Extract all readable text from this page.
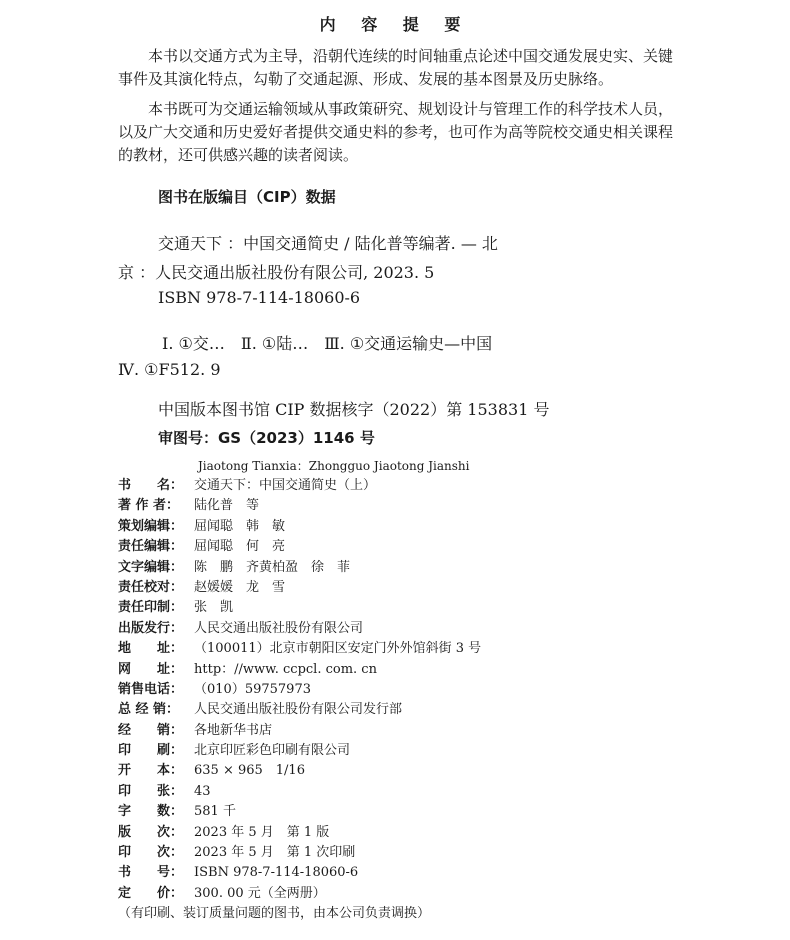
内 容 提 要
本书以交通方式为主导，沿朝代连续的时间轴重点论述中国交通发展史实、关键事件及其演化特点，勾勒了交通起源、形成、发展的基本图景及历史脉络。
本书既可为交通运输领域从事政策研究、规划设计与管理工作的科学技术人员，以及广大交通和历史爱好者提供交通史料的参考，也可作为高等院校交通史相关课程的教材，还可供感兴趣的读者阅读。
图书在版编目（CIP）数据
交通天下 ：中国交通简史 / 陆化普等编著. — 北
京 ：人民交通出版社股份有限公司, 2023. 5
ISBN 978-7-114-18060-6
Ⅰ. ①交…　Ⅱ. ①陆…　Ⅲ. ①交通运输史—中国
Ⅳ. ①F512. 9
中国版本图书馆 CIP 数据核字（2022）第 153831 号
审图号：GS（2023）1146 号
Jiaotong Tianxia：Zhongguo Jiaotong Jianshi
书　　名： 交通天下：中国交通简史（上）
著 作 者： 陆化普　等
策划编辑： 屈闻聪　韩　敏
责任编辑： 屈闻聪　何　亮
文字编辑： 陈　鹏　齐黄柏盈　徐　菲
责任校对： 赵媛媛　龙　雪
责任印制： 张　凯
出版发行： 人民交通出版社股份有限公司
地　　址： （100011）北京市朝阳区安定门外外馆斜街 3 号
网　　址： http：//www. ccpcl. com. cn
销售电话： （010）59757973
总 经 销： 人民交通出版社股份有限公司发行部
经　　销： 各地新华书店
印　　刷： 北京印匠彩色印刷有限公司
开　　本： 635 × 965　1/16
印　　张： 43
字　　数： 581 千
版　　次： 2023 年 5 月　第 1 版
印　　次： 2023 年 5 月　第 1 次印刷
书　　号： ISBN 978-7-114-18060-6
定　　价： 300. 00 元（全两册）
（有印刷、装订质量问题的图书，由本公司负责调换）
